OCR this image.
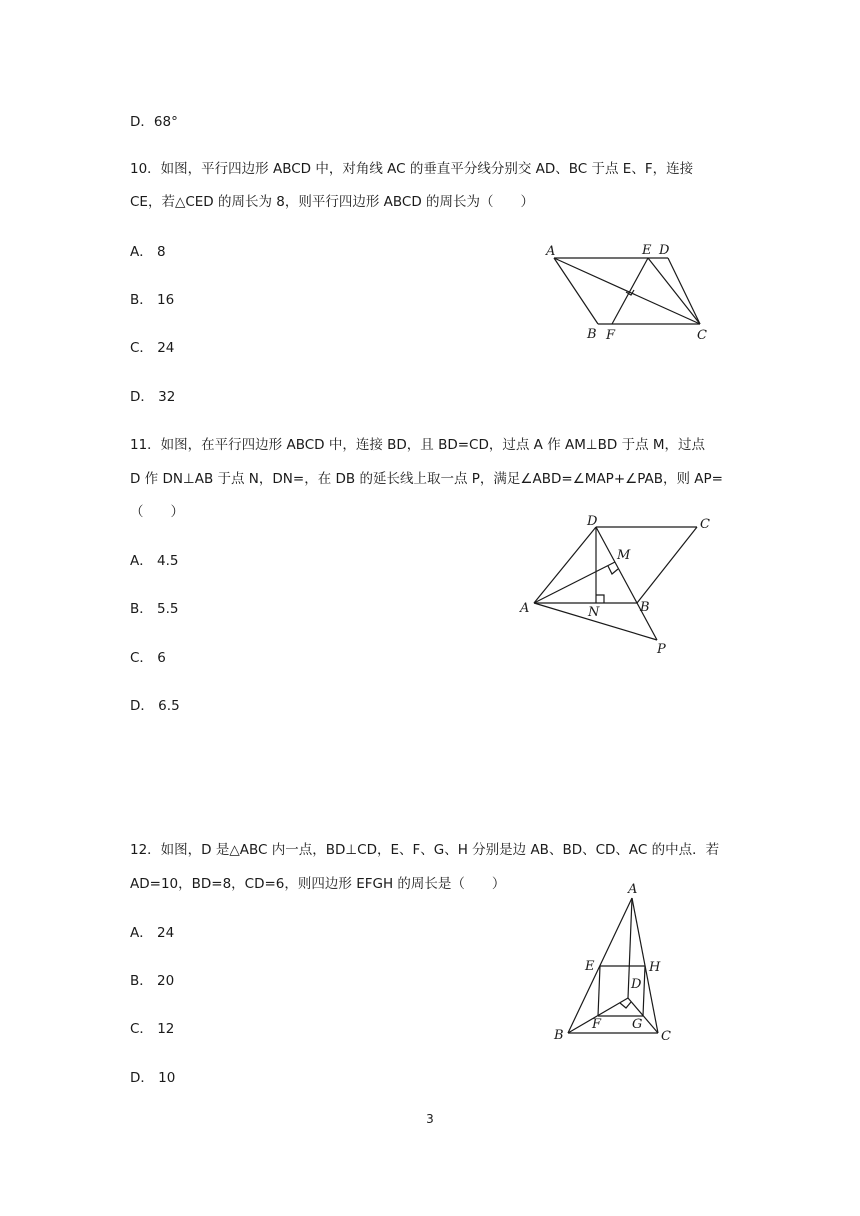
D．68°
10．如图，平行四边形 ABCD 中，对角线 AC 的垂直平分线分别交 AD、BC 于点 E、F，连接
CE，若△CED 的周长为 8，则平行四边形 ABCD 的周长为（　　）
A． 8
B． 16
C． 24
D． 32
A	E D
B F	C
11．如图，在平行四边形 ABCD 中，连接 BD，且 BD=CD，过点 A 作 AM⊥BD 于点 M，过点
D 作 DN⊥AB 于点 N，DN=，在 DB 的延长线上取一点 P，满足∠ABD=∠MAP+∠PAB，则 AP=
（　　）
A． 4.5
B． 5.5
C． 6
D． 6.5
D	C
M
A	N	B
P
12．如图，D 是△ABC 内一点，BD⊥CD，E、F、G、H 分别是边 AB、BD、CD、AC 的中点．若
AD=10，BD=8，CD=6，则四边形 EFGH 的周长是（　　）
A． 24
B． 20
C． 12
D． 10
A
E	H
D
F G
B	C
3
